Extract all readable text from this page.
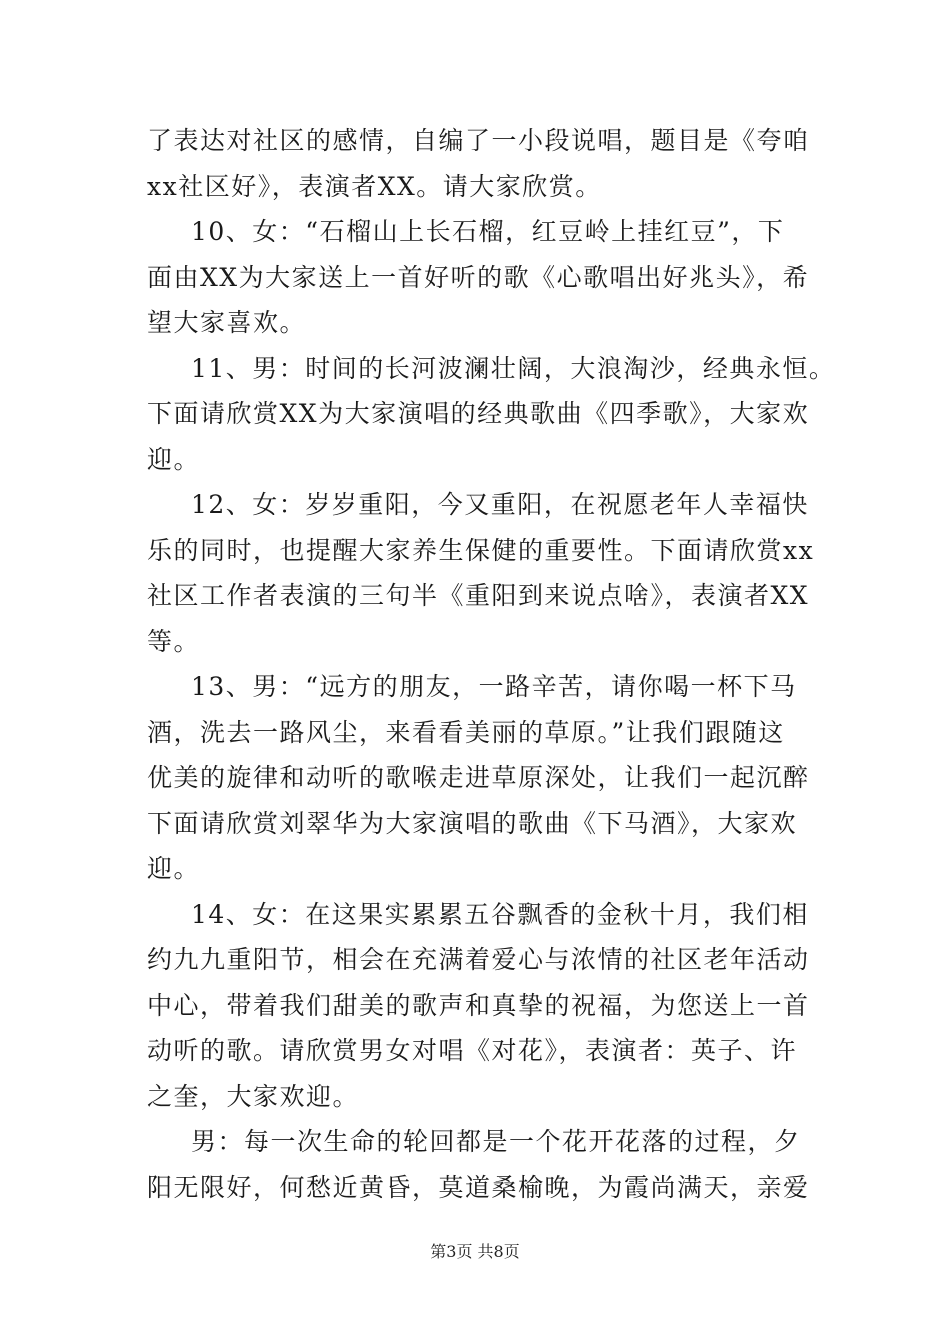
了表达对社区的感情，自编了一小段说唱，题目是《夸咱
xx社区好》，表演者XX。请大家欣赏。
10、女：“石榴山上长石榴，红豆岭上挂红豆”，下
面由XX为大家送上一首好听的歌《心歌唱出好兆头》，希
望大家喜欢。
11、男：时间的长河波澜壮阔，大浪淘沙，经典永恒。
下面请欣赏XX为大家演唱的经典歌曲《四季歌》，大家欢
迎。
12、女：岁岁重阳，今又重阳，在祝愿老年人幸福快
乐的同时，也提醒大家养生保健的重要性。下面请欣赏xx
社区工作者表演的三句半《重阳到来说点啥》，表演者XX
等。
13、男：“远方的朋友，一路辛苦，请你喝一杯下马
酒，洗去一路风尘，来看看美丽的草原。”让我们跟随这
优美的旋律和动听的歌喉走进草原深处，让我们一起沉醉
下面请欣赏刘翠华为大家演唱的歌曲《下马酒》，大家欢
迎。
14、女：在这果实累累五谷飘香的金秋十月，我们相
约九九重阳节，相会在充满着爱心与浓情的社区老年活动
中心，带着我们甜美的歌声和真挚的祝福，为您送上一首
动听的歌。请欣赏男女对唱《对花》，表演者：英子、许
之奎，大家欢迎。
男：每一次生命的轮回都是一个花开花落的过程，夕
阳无限好，何愁近黄昏，莫道桑榆晚，为霞尚满天，亲爱
第3页 共8页
